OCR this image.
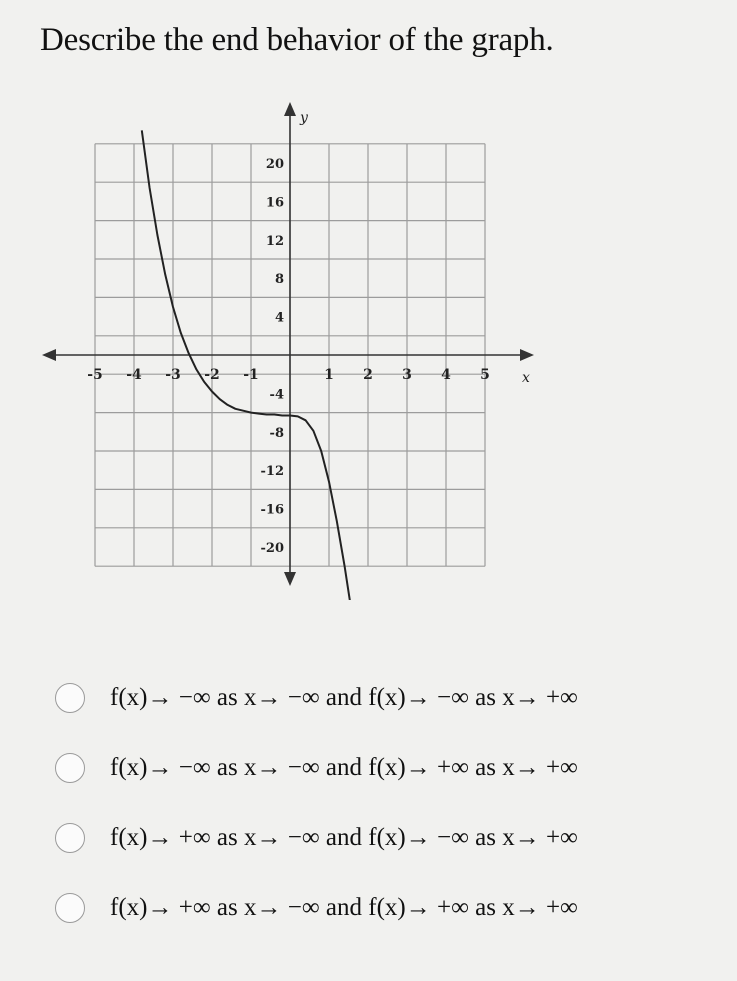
Describe the end behavior of the graph.
x
y
-5 -4 -3 -2 -1	1 2 3 4 5
20
16
12
8
4
-4
-8
-12
-16
-20
f(x)→ −∞ as x→ −∞ and f(x)→ −∞ as x→ +∞
f(x)→ −∞ as x→ −∞ and f(x)→ +∞ as x→ +∞
f(x)→ +∞ as x→ −∞ and f(x)→ −∞ as x→ +∞
f(x)→ +∞ as x→ −∞ and f(x)→ +∞ as x→ +∞
